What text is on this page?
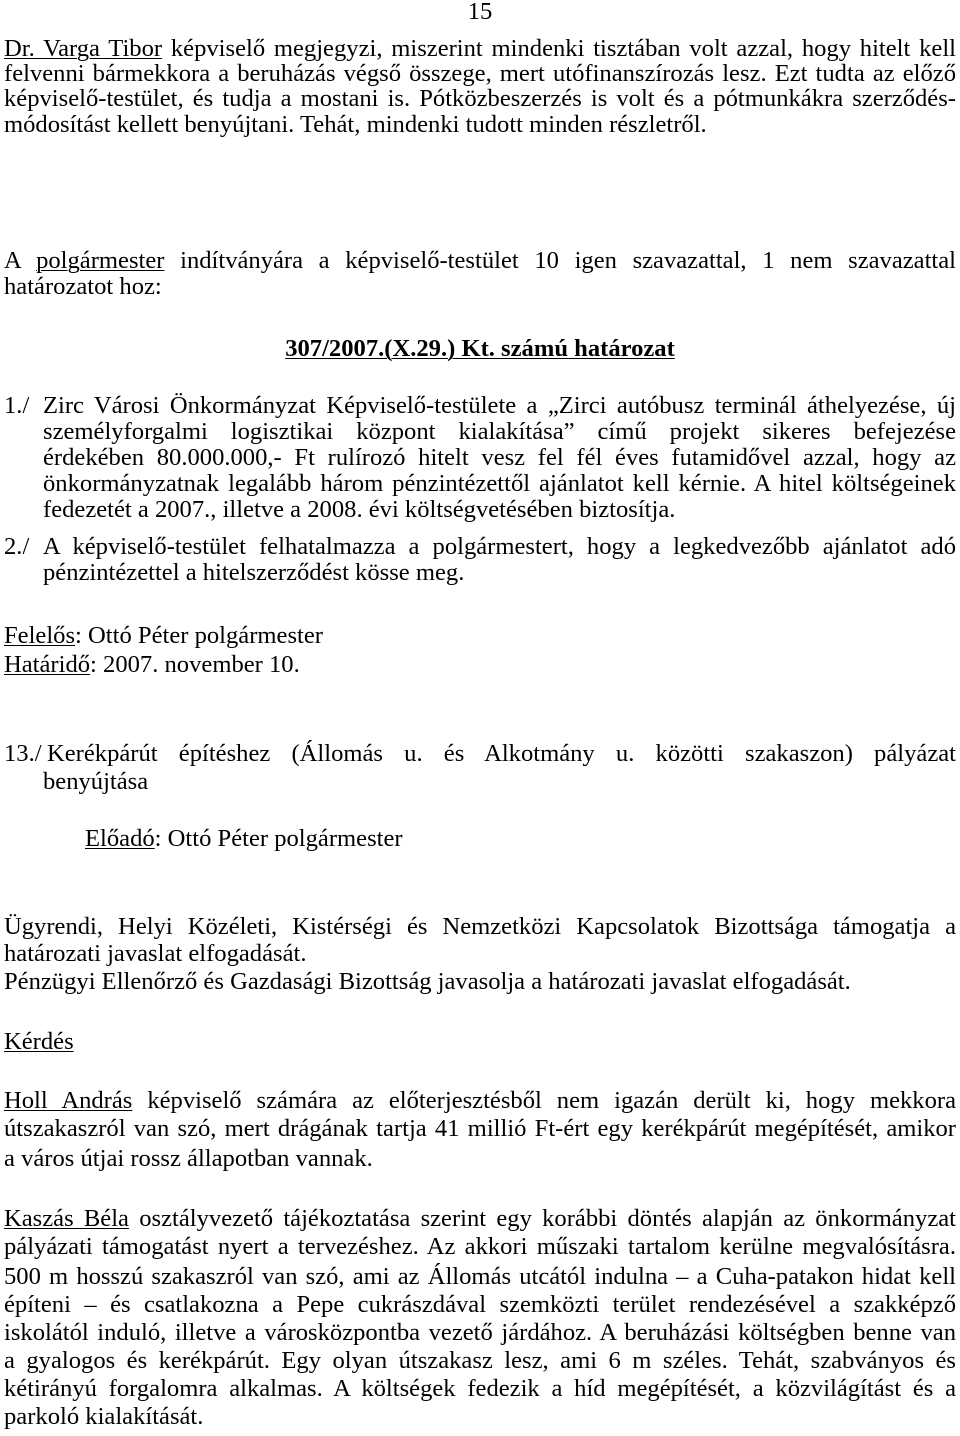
15
Dr. Varga Tibor képviselő megjegyzi, miszerint mindenki tisztában volt azzal, hogy hitelt kell
felvenni bármekkora a beruházás végső összege, mert utófinanszírozás lesz. Ezt tudta az előző
képviselő-testület, és tudja a mostani is. Pótközbeszerzés is volt és a pótmunkákra szerződés-
módosítást kellett benyújtani. Tehát, mindenki tudott minden részletről.
A polgármester indítványára a képviselő-testület 10 igen szavazattal, 1 nem szavazattal
határozatot hoz:
307/2007.(X.29.) Kt. számú határozat
1./ Zirc Városi Önkormányzat Képviselő-testülete a „Zirci autóbusz terminál áthelyezése, új
személyforgalmi logisztikai központ kialakítása” című projekt sikeres befejezése
érdekében 80.000.000,- Ft rulírozó hitelt vesz fel fél éves futamidővel azzal, hogy az
önkormányzatnak legalább három pénzintézettől ajánlatot kell kérnie. A hitel költségeinek
fedezetét a 2007., illetve a 2008. évi költségvetésében biztosítja.
2./ A képviselő-testület felhatalmazza a polgármestert, hogy a legkedvezőbb ajánlatot adó
pénzintézettel a hitelszerződést kösse meg.
Felelős: Ottó Péter polgármester
Határidő: 2007. november 10.
13./ Kerékpárút építéshez (Állomás u. és Alkotmány u. közötti szakaszon) pályázat
benyújtása
Előadó: Ottó Péter polgármester
Ügyrendi, Helyi Közéleti, Kistérségi és Nemzetközi Kapcsolatok Bizottsága támogatja a
határozati javaslat elfogadását.
Pénzügyi Ellenőrző és Gazdasági Bizottság javasolja a határozati javaslat elfogadását.
Kérdés
Holl András képviselő számára az előterjesztésből nem igazán derült ki, hogy mekkora
útszakaszról van szó, mert drágának tartja 41 millió Ft-ért egy kerékpárút megépítését, amikor
a város útjai rossz állapotban vannak.
Kaszás Béla osztályvezető tájékoztatása szerint egy korábbi döntés alapján az önkormányzat
pályázati támogatást nyert a tervezéshez. Az akkori műszaki tartalom kerülne megvalósításra.
500 m hosszú szakaszról van szó, ami az Állomás utcától indulna – a Cuha-patakon hidat kell
építeni – és csatlakozna a Pepe cukrászdával szemközti terület rendezésével a szakképző
iskolától induló, illetve a városközpontba vezető járdához. A beruházási költségben benne van
a gyalogos és kerékpárút. Egy olyan útszakasz lesz, ami 6 m széles. Tehát, szabványos és
kétirányú forgalomra alkalmas. A költségek fedezik a híd megépítését, a közvilágítást és a
parkoló kialakítását.
